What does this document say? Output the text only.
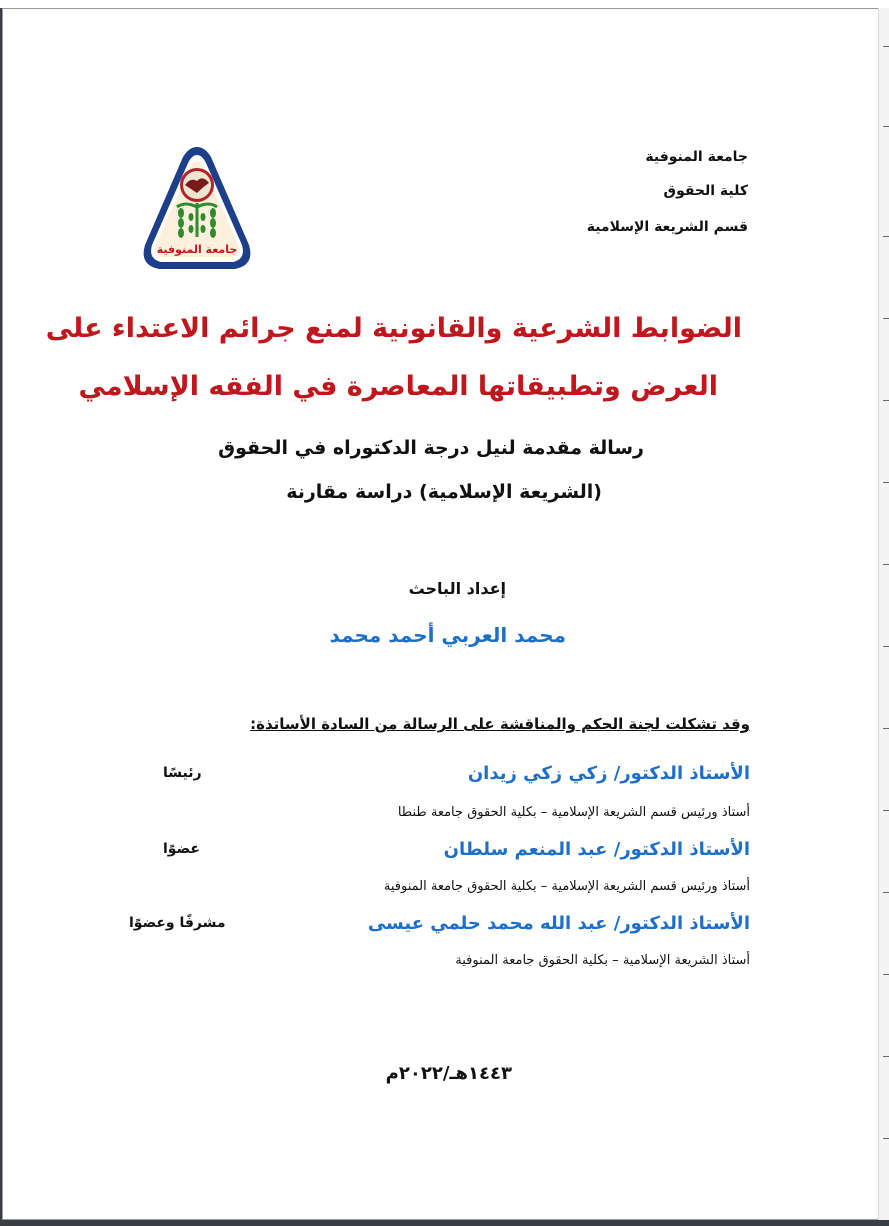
جامعة المنوفية
كلية الحقوق
قسم الشريعة الإسلامية
جامعة المنوفية
الضوابط الشرعية والقانونية لمنع جرائم الاعتداء على
العرض وتطبيقاتها المعاصرة في الفقه الإسلامي
رسالة مقدمة لنيل درجة الدكتوراه في الحقوق
(الشريعة الإسلامية) دراسة مقارنة
إعداد الباحث
محمد العربي أحمد محمد
وقد تشكلت لجنة الحكم والمناقشة على الرسالة من السادة الأساتذة:
الأستاذ الدكتور/ زكي زكي زيدان
رئيسًا
أستاذ ورئيس قسم الشريعة الإسلامية – بكلية الحقوق جامعة طنطا
الأستاذ الدكتور/ عبد المنعم سلطان
عضوًا
أستاذ ورئيس قسم الشريعة الإسلامية – بكلية الحقوق جامعة المنوفية
الأستاذ الدكتور/ عبد الله محمد حلمي عيسى
مشرفًا وعضوًا
أستاذ الشريعة الإسلامية – بكلية الحقوق جامعة المنوفية
١٤٤٣هـ/٢٠٢٢م
